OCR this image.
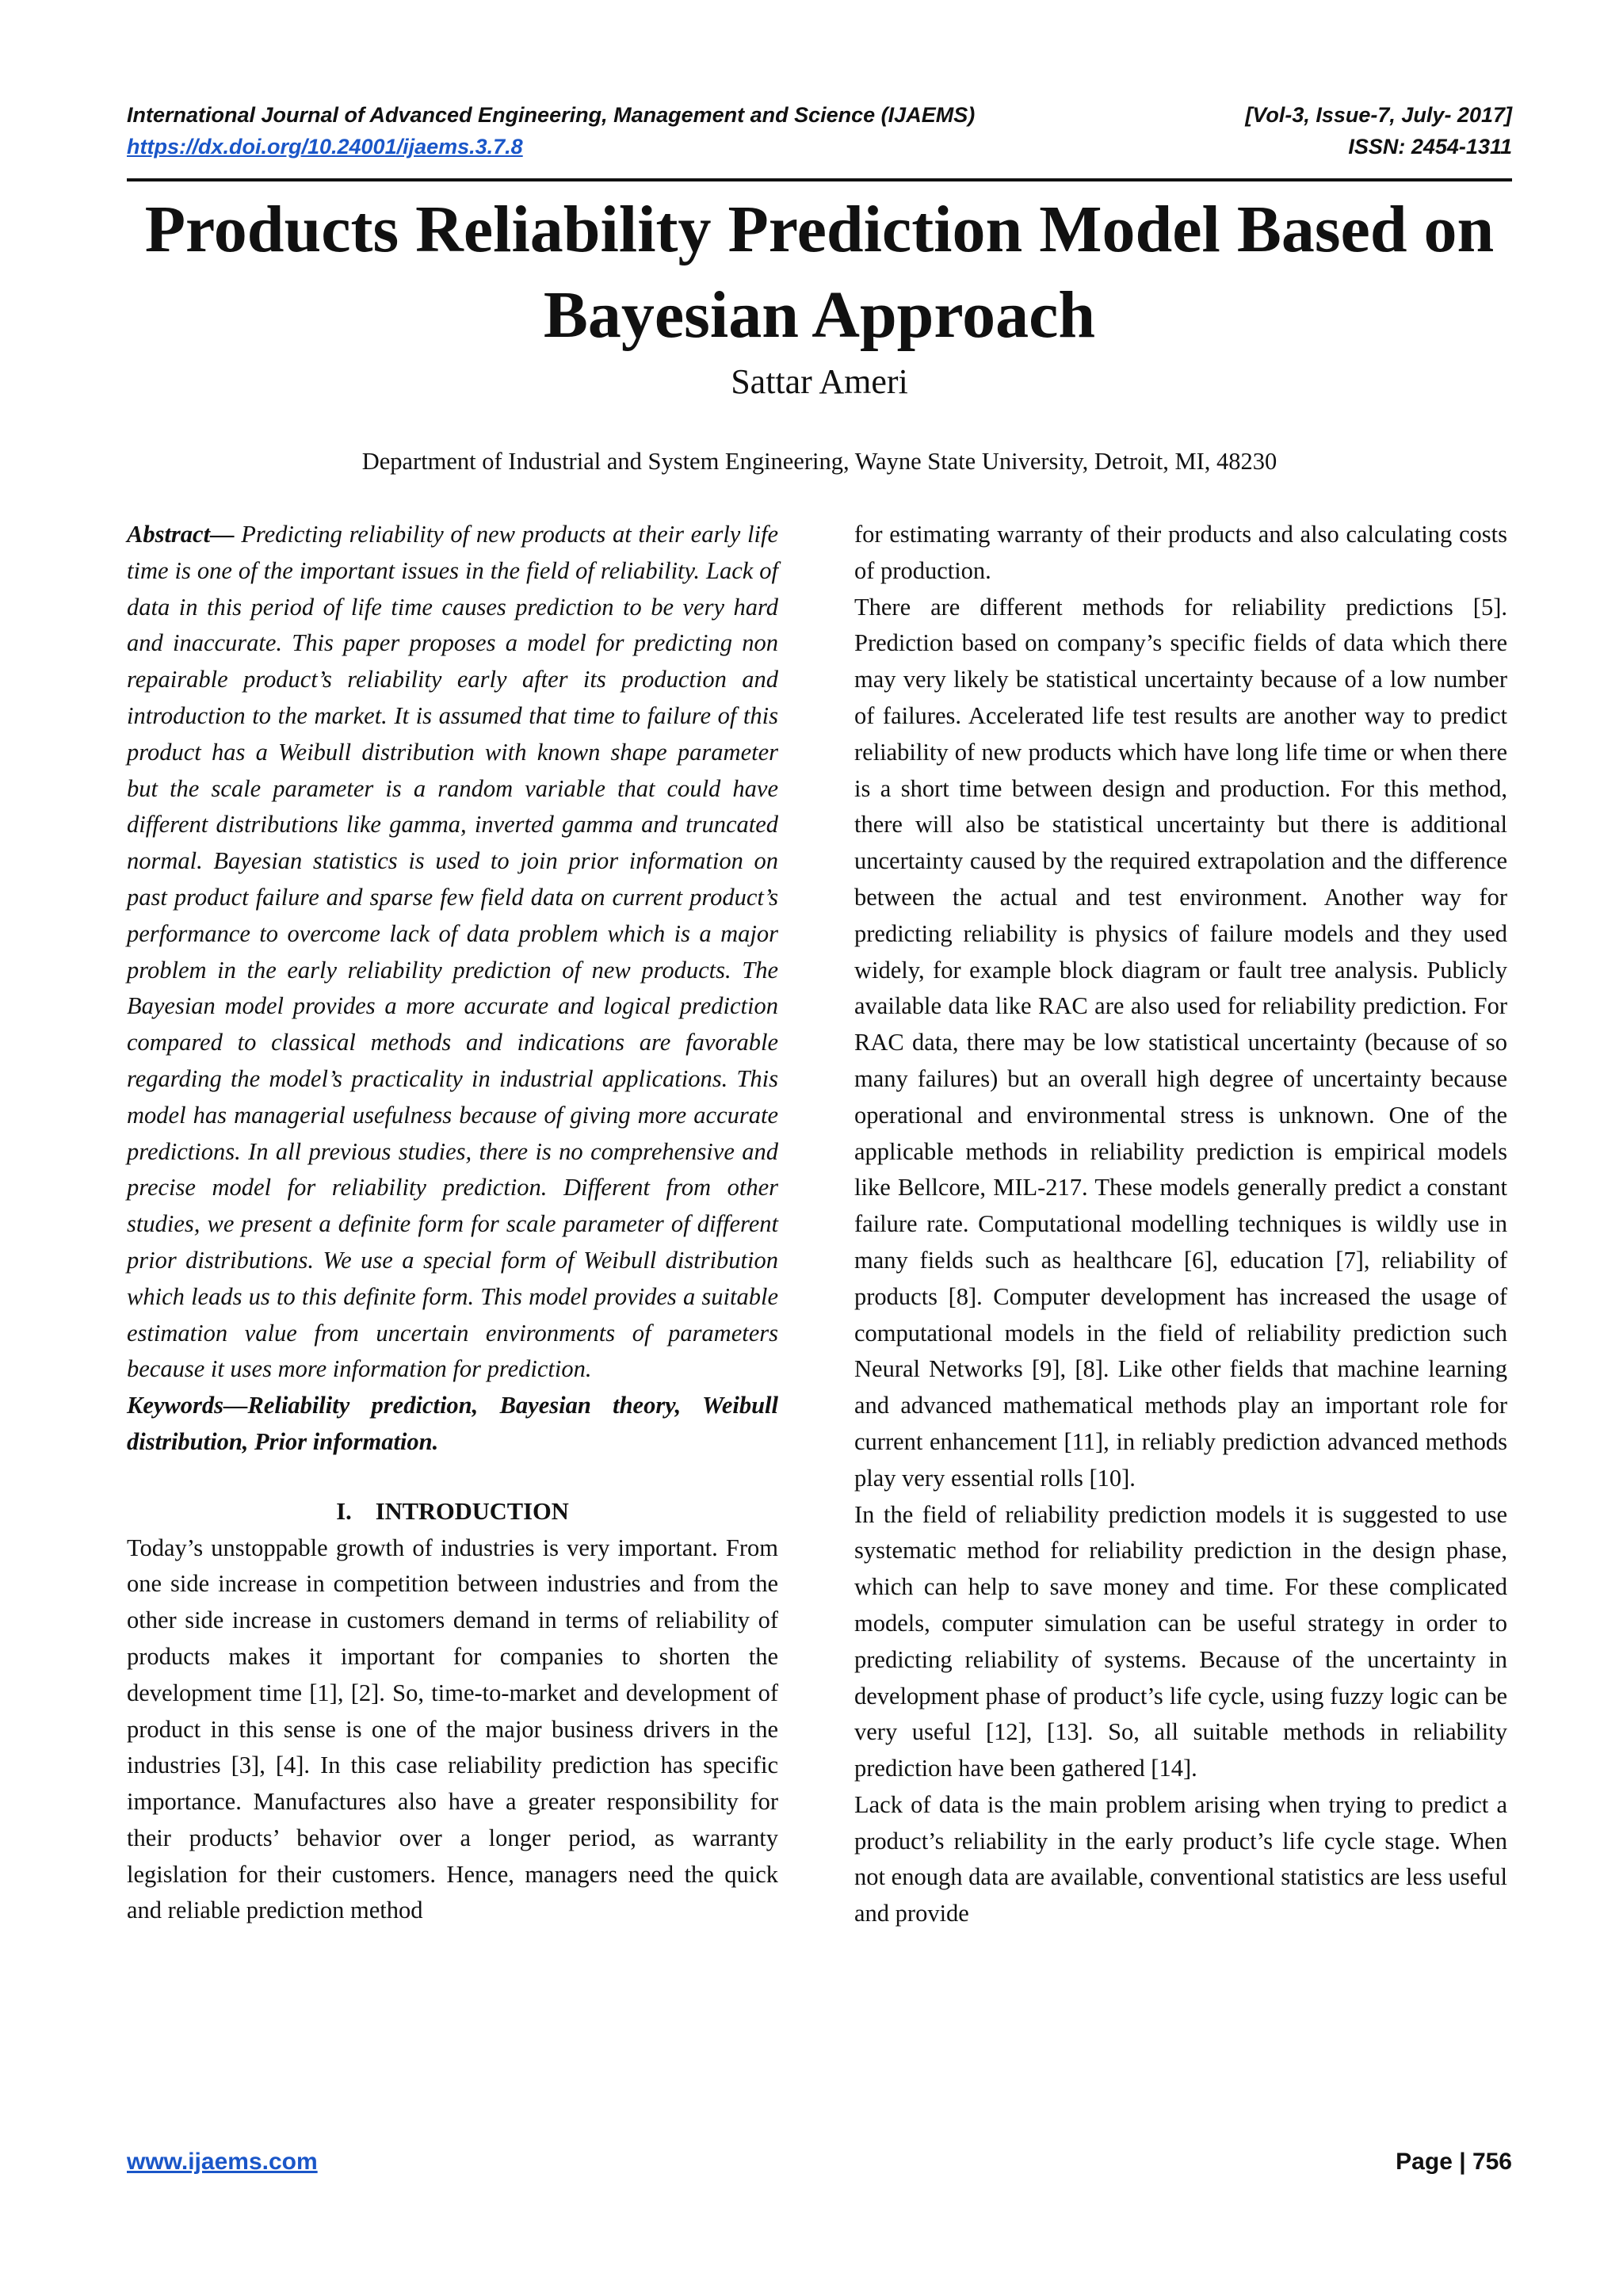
International Journal of Advanced Engineering, Management and Science (IJAEMS)	[Vol-3, Issue-7, July- 2017]
https://dx.doi.org/10.24001/ijaems.3.7.8	ISSN: 2454-1311
Products Reliability Prediction Model Based on
Bayesian Approach
Sattar Ameri
Department of Industrial and System Engineering, Wayne State University, Detroit, MI, 48230

Abstract— Predicting reliability of new products at their early life time is one of the important issues in the field of reliability. Lack of data in this period of life time causes prediction to be very hard and inaccurate. This paper proposes a model for predicting non repairable product’s reliability early after its production and introduction to the market. It is assumed that time to failure of this product has a Weibull distribution with known shape parameter but the scale parameter is a random variable that could have different distributions like gamma, inverted gamma and truncated normal. Bayesian statistics is used to join prior information on past product failure and sparse few field data on current product’s performance to overcome lack of data problem which is a major problem in the early reliability prediction of new products. The Bayesian model provides a more accurate and logical prediction compared to classical methods and indications are favorable regarding the model’s practicality in industrial applications. This model has managerial usefulness because of giving more accurate predictions. In all previous studies, there is no comprehensive and precise model for reliability prediction. Different from other studies, we present a definite form for scale parameter of different prior distributions. We use a special form of Weibull distribution which leads us to this definite form. This model provides a suitable estimation value from uncertain environments of parameters because it uses more information for prediction.

Keywords—Reliability prediction, Bayesian theory, Weibull distribution, Prior information.

I. INTRODUCTION

Today’s unstoppable growth of industries is very important. From one side increase in competition between industries and from the other side increase in customers demand in terms of reliability of products makes it important for companies to shorten the development time [1], [2]. So, time-to-market and development of product in this sense is one of the major business drivers in the industries [3], [4]. In this case reliability prediction has specific importance. Manufactures also have a greater responsibility for their products’ behavior over a longer period, as warranty legislation for their customers. Hence, managers need the quick and reliable prediction method

for estimating warranty of their products and also calculating costs of production.

There are different methods for reliability predictions [5]. Prediction based on company’s specific fields of data which there may very likely be statistical uncertainty because of a low number of failures. Accelerated life test results are another way to predict reliability of new products which have long life time or when there is a short time between design and production. For this method, there will also be statistical uncertainty but there is additional uncertainty caused by the required extrapolation and the difference between the actual and test environment. Another way for predicting reliability is physics of failure models and they used widely, for example block diagram or fault tree analysis. Publicly available data like RAC are also used for reliability prediction. For RAC data, there may be low statistical uncertainty (because of so many failures) but an overall high degree of uncertainty because operational and environmental stress is unknown. One of the applicable methods in reliability prediction is empirical models like Bellcore, MIL-217. These models generally predict a constant failure rate. Computational modelling techniques is wildly use in many fields such as healthcare [6], education [7], reliability of products [8]. Computer development has increased the usage of computational models in the field of reliability prediction such Neural Networks [9], [8]. Like other fields that machine learning and advanced mathematical methods play an important role for current enhancement [11], in reliably prediction advanced methods play very essential rolls [10].

In the field of reliability prediction models it is suggested to use systematic method for reliability prediction in the design phase, which can help to save money and time. For these complicated models, computer simulation can be useful strategy in order to predicting reliability of systems. Because of the uncertainty in development phase of product’s life cycle, using fuzzy logic can be very useful [12], [13]. So, all suitable methods in reliability prediction have been gathered [14].

Lack of data is the main problem arising when trying to predict a product’s reliability in the early product’s life cycle stage. When not enough data are available, conventional statistics are less useful and provide

www.ijaems.com	Page | 756
